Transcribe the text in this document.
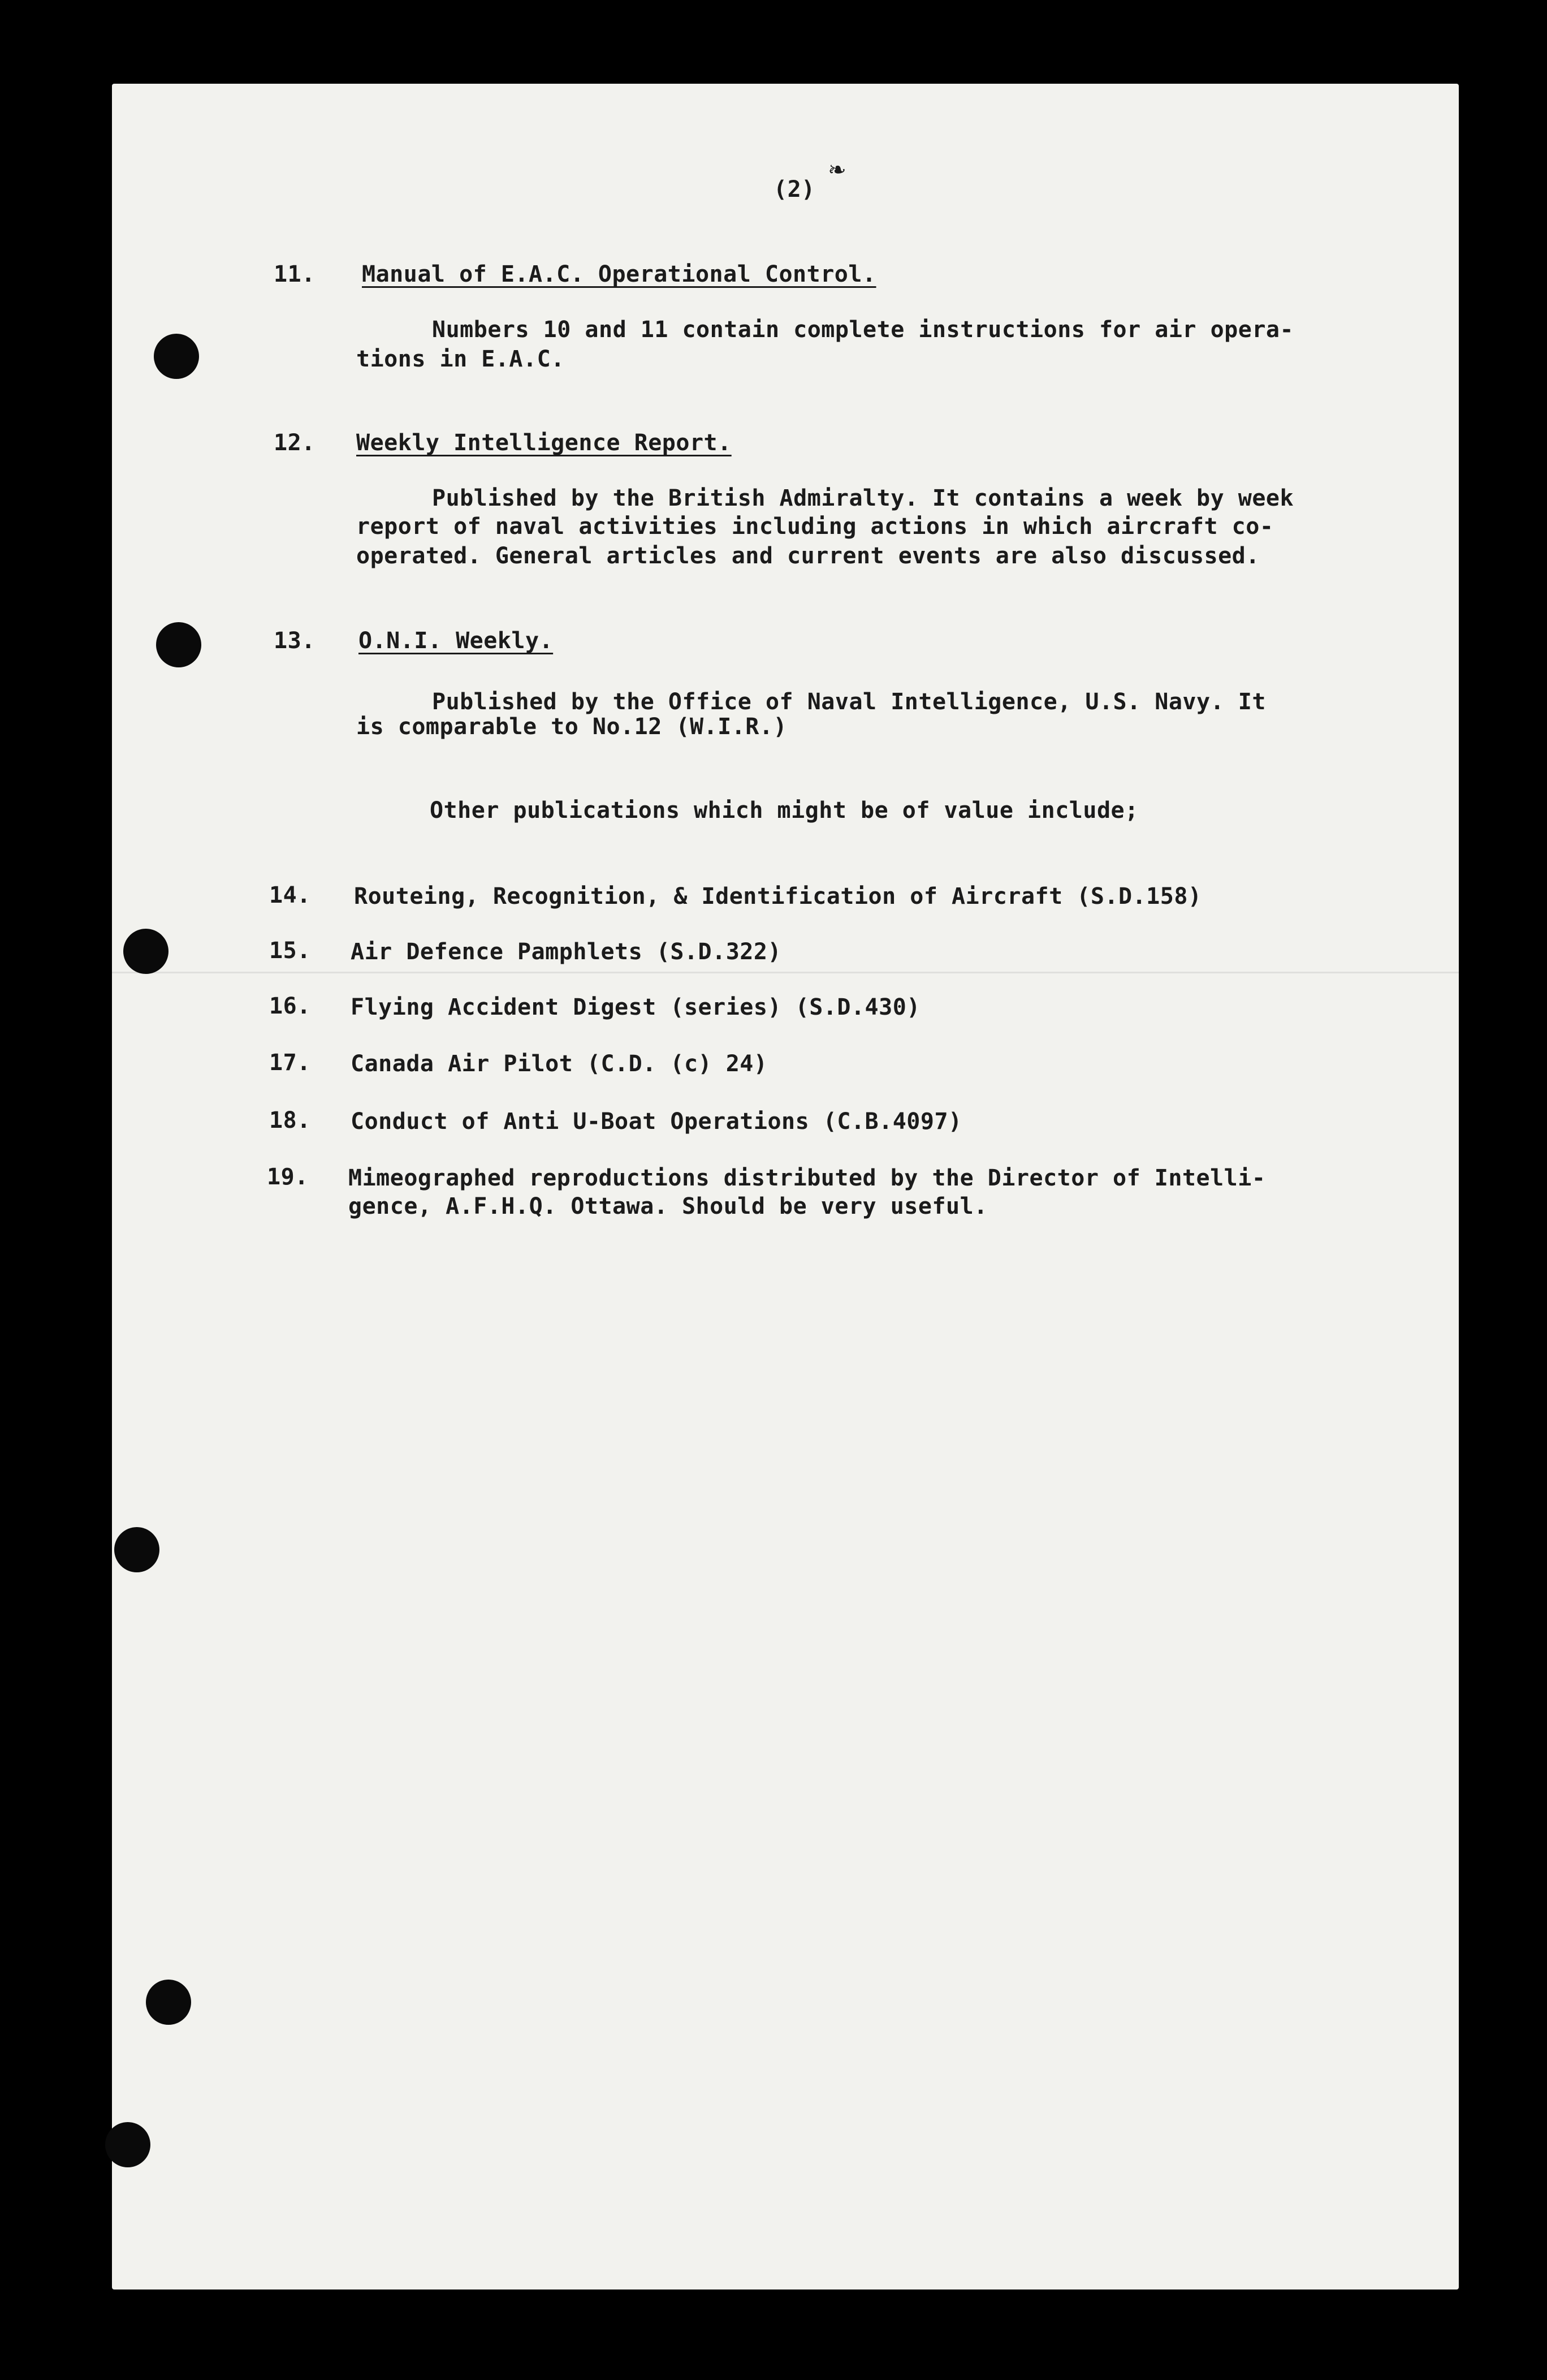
(2)
❧
11. Manual of E.A.C. Operational Control.
Numbers 10 and 11 contain complete instructions for air opera-
tions in E.A.C.
12. Weekly Intelligence Report.
Published by the British Admiralty. It contains a week by week
report of naval activities including actions in which aircraft co-
operated. General articles and current events are also discussed.
13. O.N.I. Weekly.
Published by the Office of Naval Intelligence, U.S. Navy. It
is comparable to No.12 (W.I.R.)
Other publications which might be of value include;
14. Routeing, Recognition, & Identification of Aircraft (S.D.158)
15. Air Defence Pamphlets (S.D.322)
16. Flying Accident Digest (series) (S.D.430)
17. Canada Air Pilot (C.D. (c) 24)
18. Conduct of Anti U-Boat Operations (C.B.4097)
19. Mimeographed reproductions distributed by the Director of Intelli-
gence, A.F.H.Q. Ottawa. Should be very useful.
